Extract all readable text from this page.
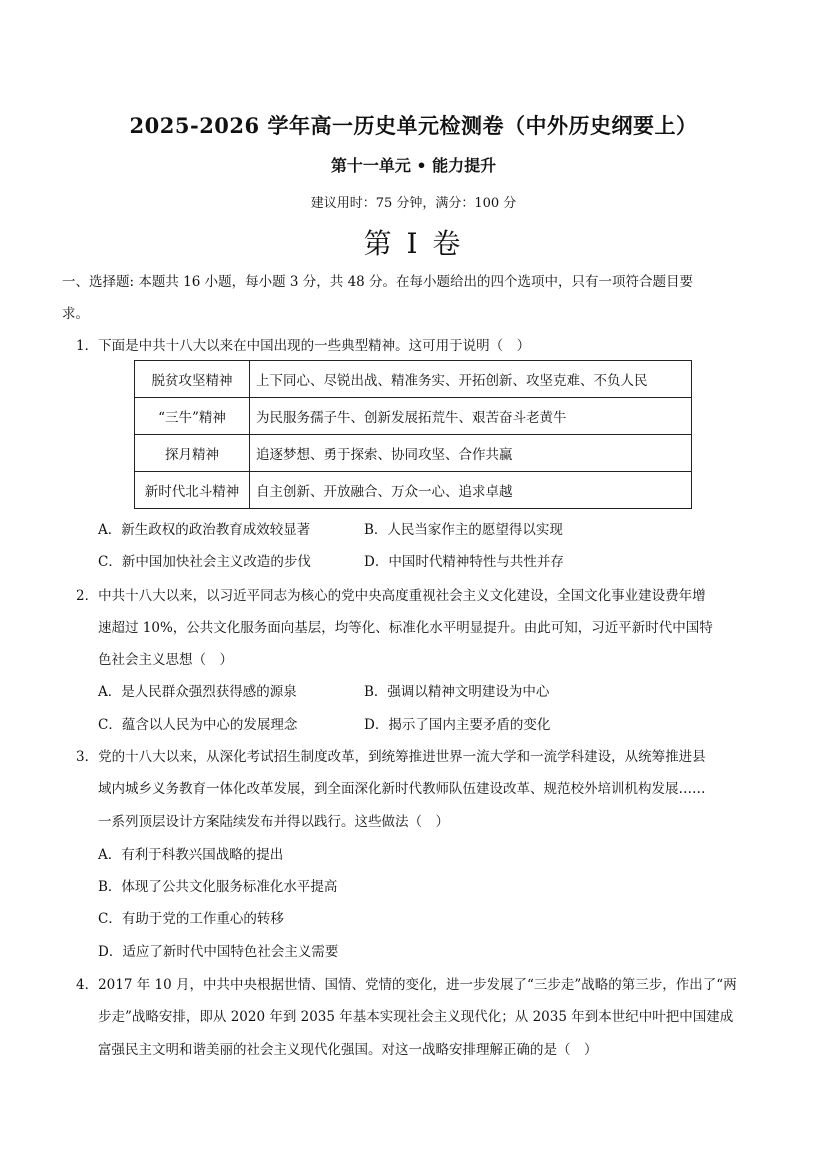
2025-2026 学年高一历史单元检测卷（中外历史纲要上）
第十一单元 • 能力提升
建议用时：75 分钟，满分：100 分
第 I 卷
一、选择题: 本题共 16 小题，每小题 3 分，共 48 分。在每小题给出的四个选项中，只有一项符合题目要
求。
1．下面是中共十八大以来在中国出现的一些典型精神。这可用于说明（　）
脱贫攻坚精神	上下同心、尽锐出战、精准务实、开拓创新、攻坚克难、不负人民
“三牛”精神	为民服务孺子牛、创新发展拓荒牛、艰苦奋斗老黄牛
探月精神	追逐梦想、勇于探索、协同攻坚、合作共赢
新时代北斗精神	自主创新、开放融合、万众一心、追求卓越
A．新生政权的政治教育成效较显著	B．人民当家作主的愿望得以实现
C．新中国加快社会主义改造的步伐	D．中国时代精神特性与共性并存
2．中共十八大以来，以习近平同志为核心的党中央高度重视社会主义文化建设，全国文化事业建设费年增
速超过 10%，公共文化服务面向基层，均等化、标准化水平明显提升。由此可知，习近平新时代中国特
色社会主义思想（　）
A．是人民群众强烈获得感的源泉	B．强调以精神文明建设为中心
C．蕴含以人民为中心的发展理念	D．揭示了国内主要矛盾的变化
3．党的十八大以来，从深化考试招生制度改革，到统筹推进世界一流大学和一流学科建设，从统筹推进县
域内城乡义务教育一体化改革发展，到全面深化新时代教师队伍建设改革、规范校外培训机构发展……
一系列顶层设计方案陆续发布并得以践行。这些做法（　）
A．有利于科教兴国战略的提出
B．体现了公共文化服务标准化水平提高
C．有助于党的工作重心的转移
D．适应了新时代中国特色社会主义需要
4．2017 年 10 月，中共中央根据世情、国情、党情的变化，进一步发展了“三步走”战略的第三步，作出了“两
步走”战略安排，即从 2020 年到 2035 年基本实现社会主义现代化；从 2035 年到本世纪中叶把中国建成
富强民主文明和谐美丽的社会主义现代化强国。对这一战略安排理解正确的是（　）
